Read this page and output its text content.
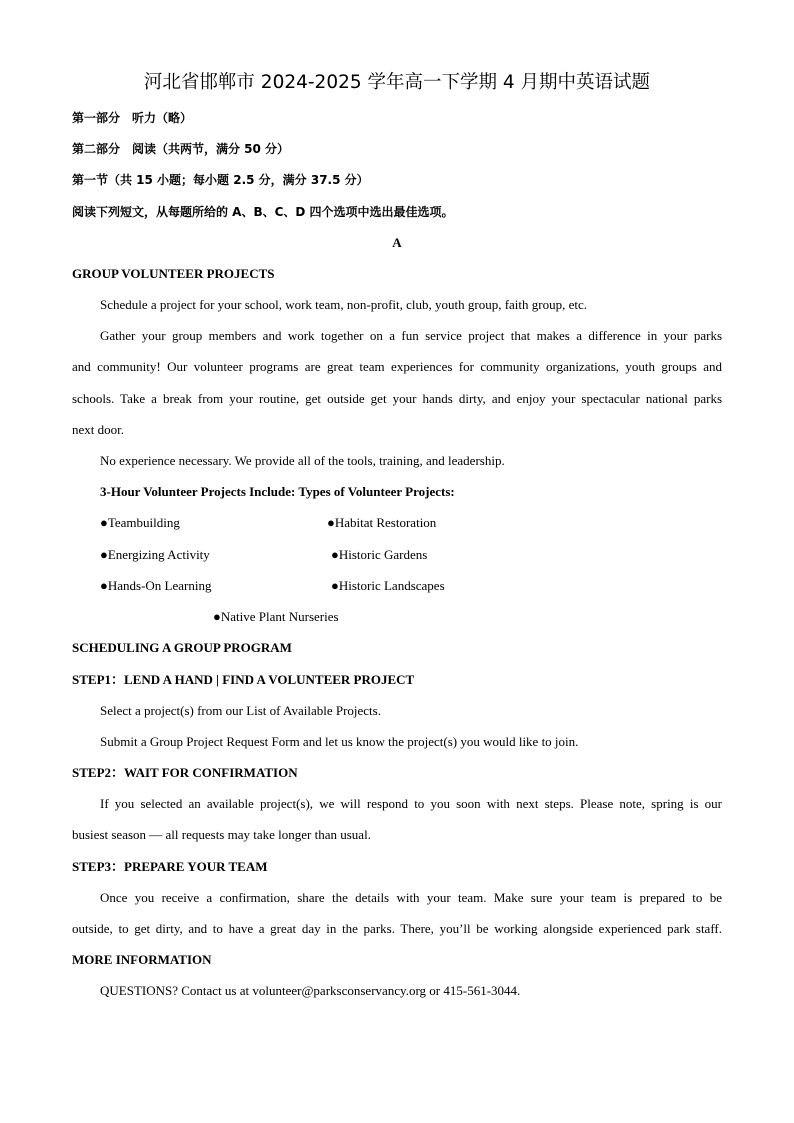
河北省邯郸市 2024-2025 学年高一下学期 4 月期中英语试题
第一部分　听力（略）
第二部分　阅读（共两节，满分 50 分）
第一节（共 15 小题；每小题 2.5 分，满分 37.5 分）
阅读下列短文，从每题所给的 A、B、C、D 四个选项中选出最佳选项。
A
GROUP VOLUNTEER PROJECTS
Schedule a project for your school, work team, non-profit, club, youth group, faith group, etc.
Gather your group members and work together on a fun service project that makes a difference in your parks
and community! Our volunteer programs are great team experiences for community organizations, youth groups and
schools. Take a break from your routine, get outside get your hands dirty, and enjoy your spectacular national parks
next door.
No experience necessary. We provide all of the tools, training, and leadership.
3-Hour Volunteer Projects Include: Types of Volunteer Projects:
●Teambuilding	●Habitat Restoration
●Energizing Activity	●Historic Gardens
●Hands-On Learning	●Historic Landscapes
●Native Plant Nurseries
SCHEDULING A GROUP PROGRAM
STEP1：LEND A HAND | FIND A VOLUNTEER PROJECT
Select a project(s) from our List of Available Projects.
Submit a Group Project Request Form and let us know the project(s) you would like to join.
STEP2：WAIT FOR CONFIRMATION
If you selected an available project(s), we will respond to you soon with next steps. Please note, spring is our
busiest season — all requests may take longer than usual.
STEP3：PREPARE YOUR TEAM
Once you receive a confirmation, share the details with your team. Make sure your team is prepared to be
outside, to get dirty, and to have a great day in the parks. There, you’ll be working alongside experienced park staff.
MORE INFORMATION
QUESTIONS? Contact us at volunteer@parksconservancy.org or 415-561-3044.
